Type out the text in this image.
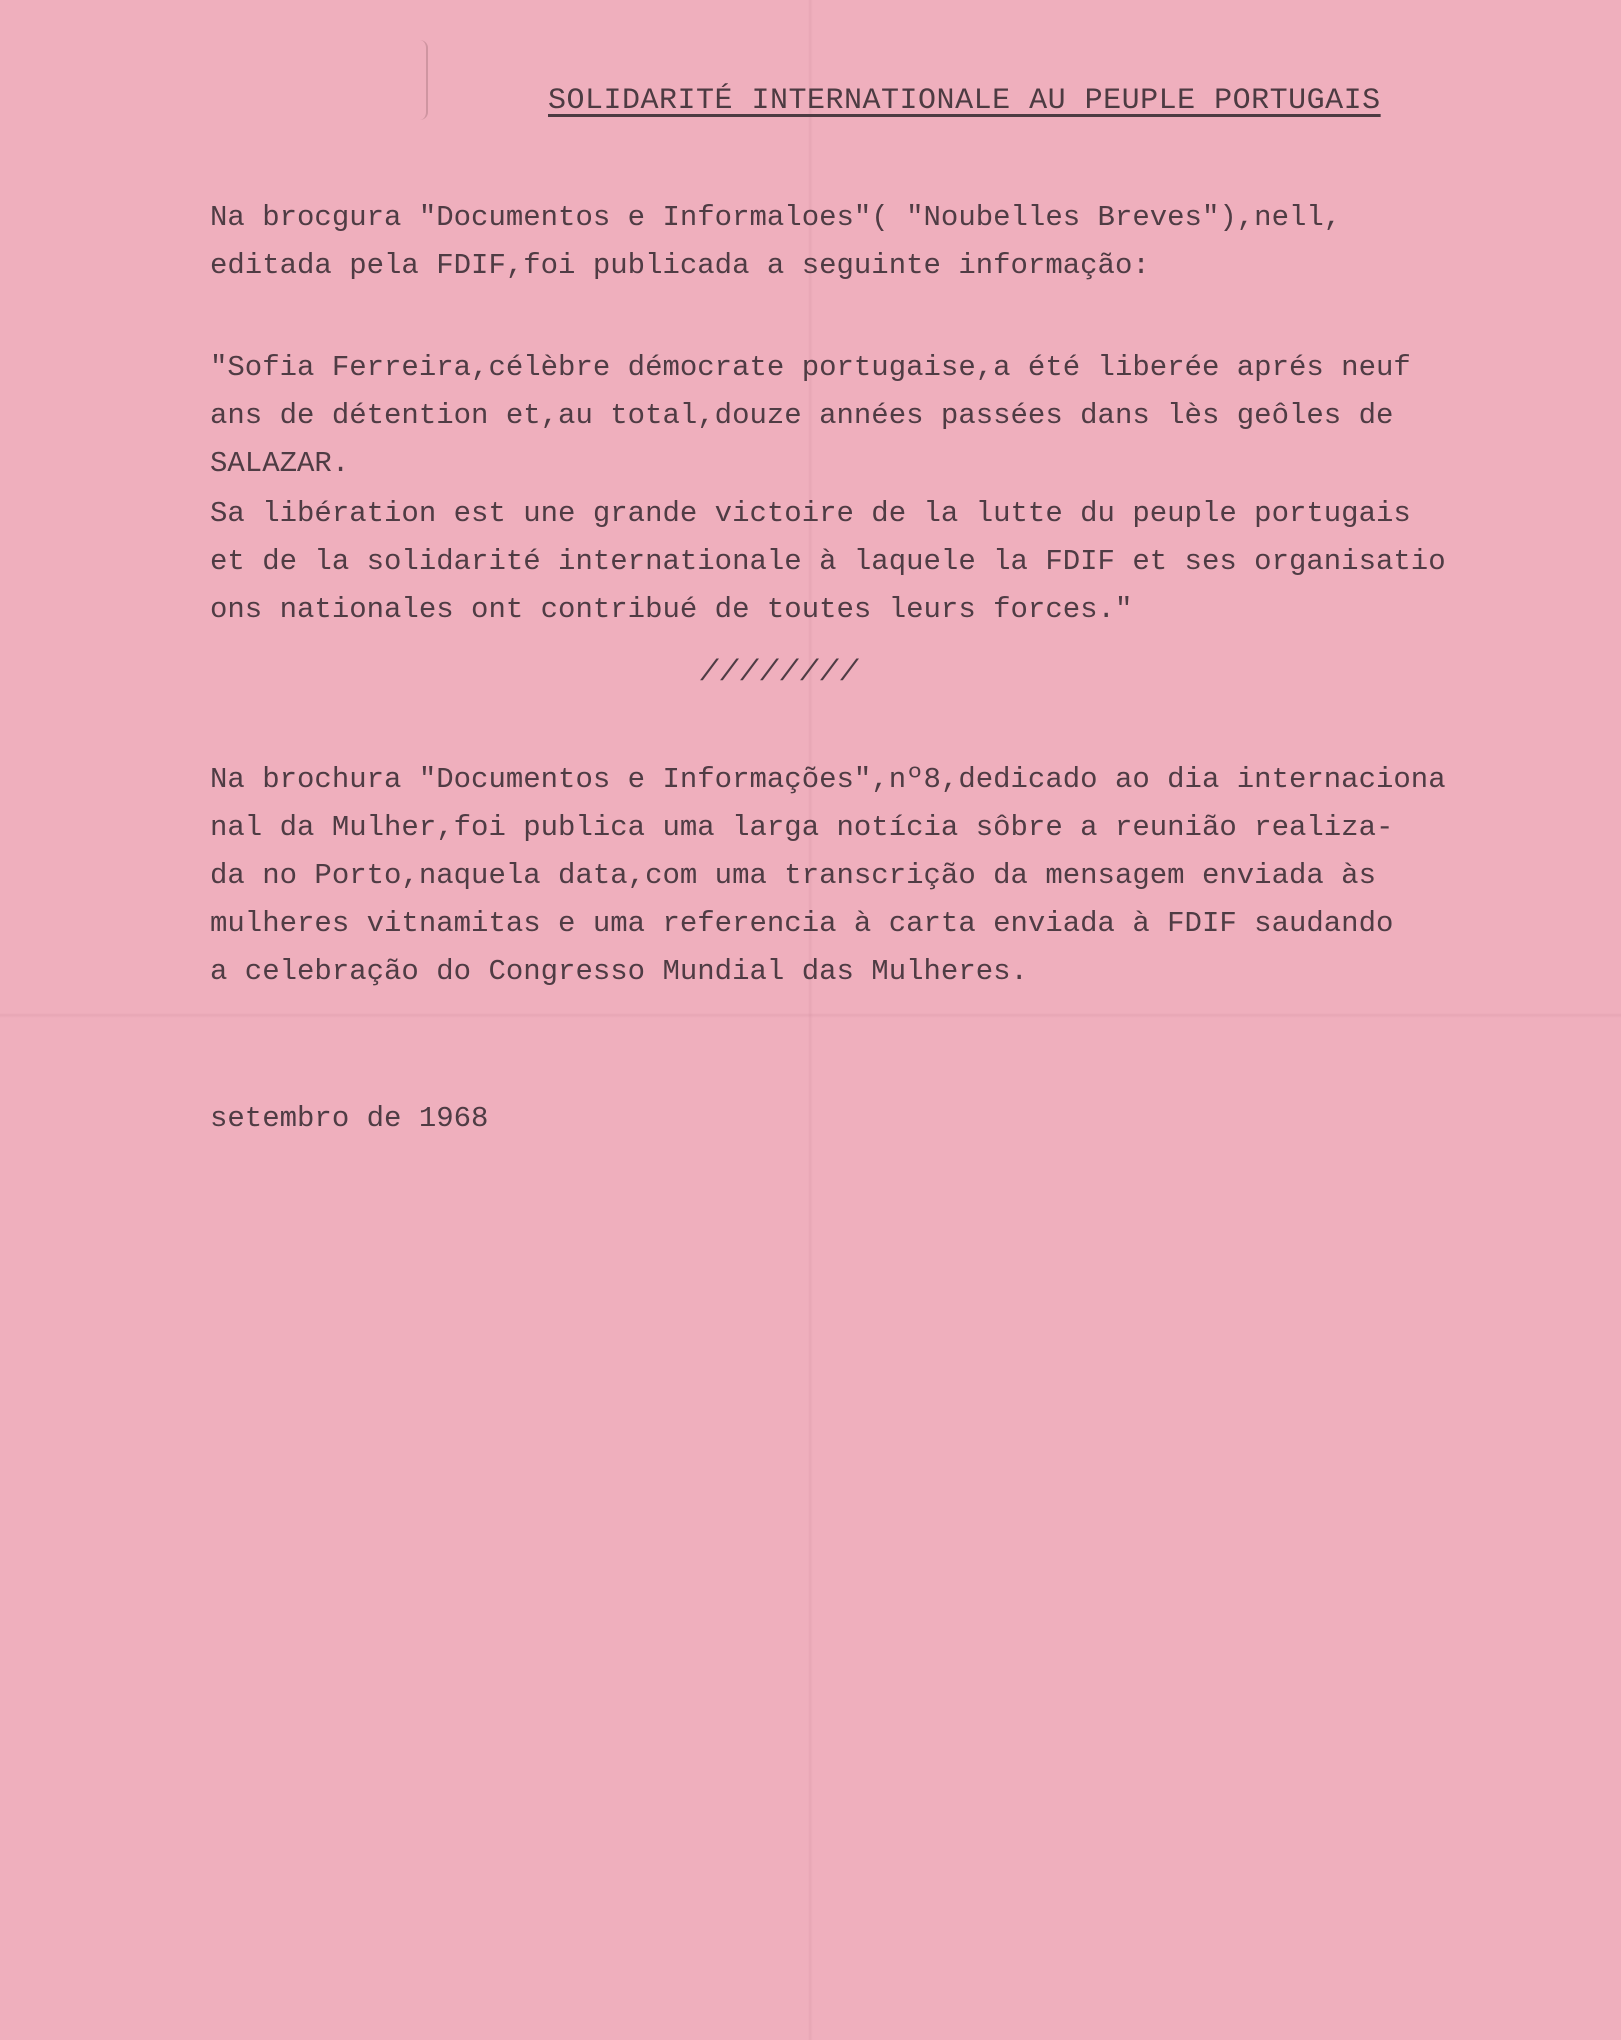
SOLIDARITÉ INTERNATIONALE AU PEUPLE PORTUGAIS
Na brocgura "Documentos e Informaloes"( "Noubelles Breves"),nell,
editada pela FDIF,foi publicada a seguinte informação:
"Sofia Ferreira,célèbre démocrate portugaise,a été liberée aprés neuf
ans de détention et,au total,douze années passées dans lès geôles de
SALAZAR.
Sa libération est une grande victoire de la lutte du peuple portugais
et de la solidarité internationale à laquele la FDIF et ses organisatio
ons nationales ont contribué de toutes leurs forces."
////////
Na brochura "Documentos e Informações",nº8,dedicado ao dia internaciona
nal da Mulher,foi publica uma larga notícia sôbre a reunião realiza-
da no Porto,naquela data,com uma transcrição da mensagem enviada às
mulheres vitnamitas e uma referencia à carta enviada à FDIF saudando
a celebração do Congresso Mundial das Mulheres.
setembro de 1968
